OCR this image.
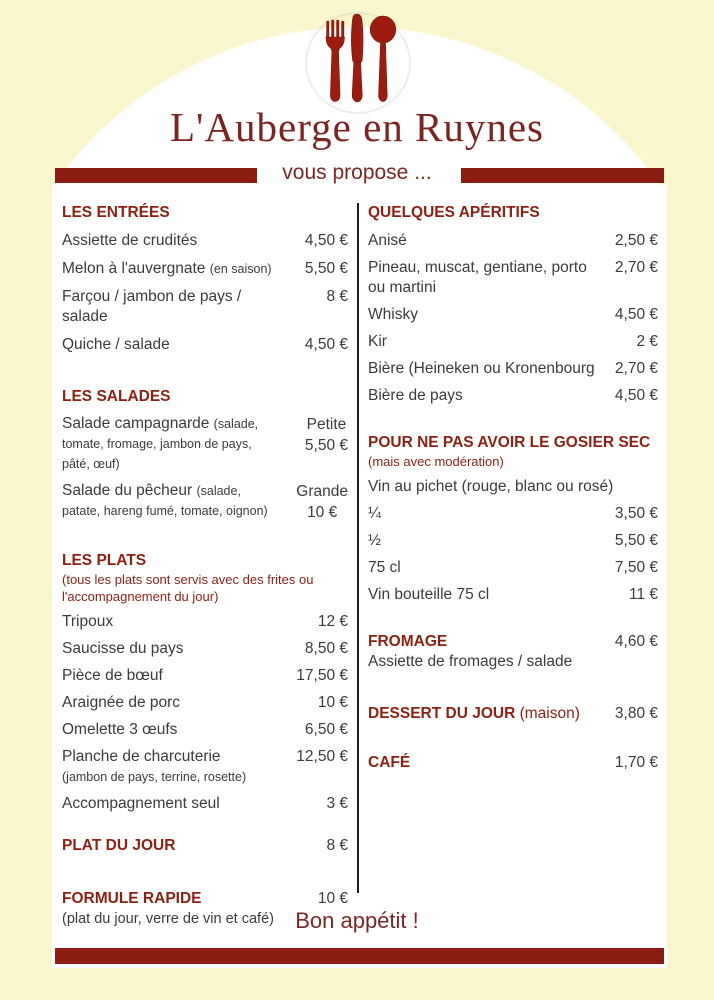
L'Auberge en Ruynes
vous propose ...
LES ENTRÉES
Assiette de crudités	4,50 €
Melon à l'auvergnate (en saison)	5,50 €
Farçou / jambon de pays / salade
8 €
Quiche / salade	4,50 €
LES SALADES
Salade campagnarde (salade, tomate, fromage, jambon de pays, pâté, œuf)
Petite
5,50 €
Salade du pêcheur (salade, patate, hareng fumé, tomate, oignon)
Grande
10 €
LES PLATS
(tous les plats sont servis avec des frites ou l'accompagnement du jour)
Tripoux	12 €
Saucisse du pays	8,50 €
Pièce de bœuf	17,50 €
Araignée de porc	10 €
Omelette 3 œufs	6,50 €
Planche de charcuterie
(jambon de pays, terrine, rosette)
12,50 €
Accompagnement seul	3 €
PLAT DU JOUR	8 €
FORMULE RAPIDE	10 €
(plat du jour, verre de vin et café)
QUELQUES APÉRITIFS
Anisé	2,50 €
Pineau, muscat, gentiane, porto ou martini
2,70 €
Whisky	4,50 €
Kir	2 €
Bière (Heineken ou Kronenbourg	2,70 €
Bière de pays	4,50 €
POUR NE PAS AVOIR LE GOSIER SEC
(mais avec modération)
Vin au pichet (rouge, blanc ou rosé)
¼	3,50 €
½	5,50 €
75 cl	7,50 €
Vin bouteille 75 cl	11 €
FROMAGE	4,60 €
Assiette de fromages / salade
DESSERT DU JOUR (maison)	3,80 €
CAFÉ	1,70 €
Bon appétit !
